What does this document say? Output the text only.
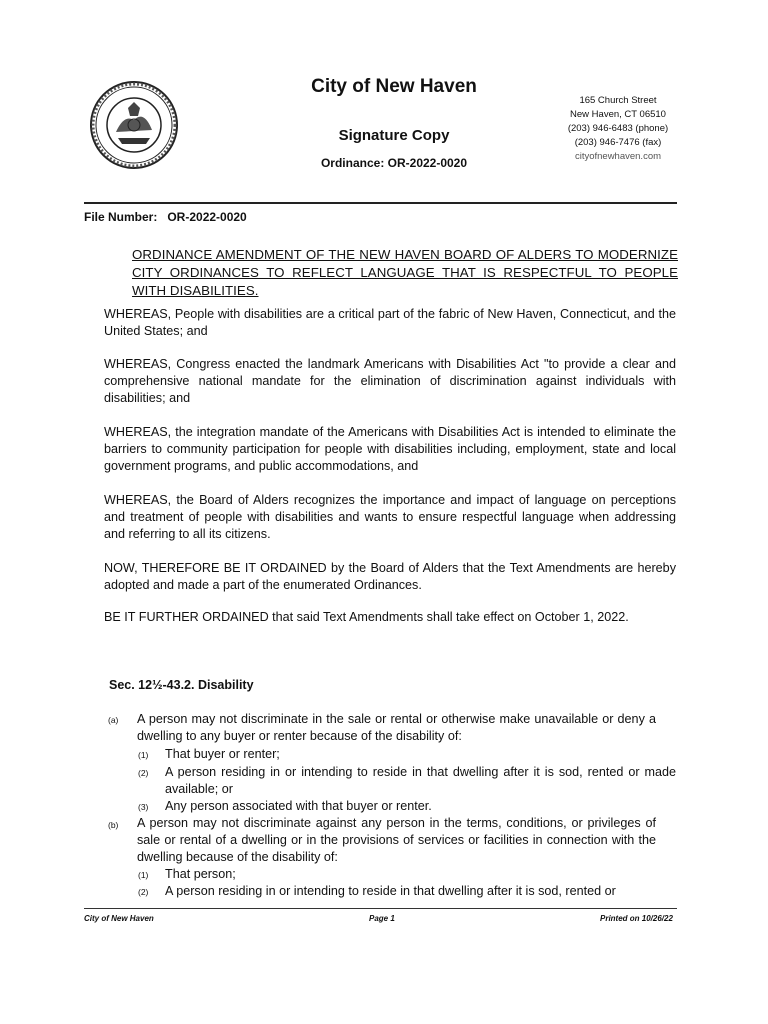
City of New Haven
Signature Copy
Ordinance: OR-2022-0020
165 Church Street
New Haven, CT 06510
(203) 946-6483 (phone)
(203) 946-7476 (fax)
cityofnewhaven.com
File Number:   OR-2022-0020
ORDINANCE AMENDMENT OF THE NEW HAVEN BOARD OF ALDERS TO MODERNIZE CITY ORDINANCES TO REFLECT LANGUAGE THAT IS RESPECTFUL TO PEOPLE WITH DISABILITIES.
WHEREAS, People with disabilities are a critical part of the fabric of New Haven, Connecticut, and the United States; and
WHEREAS, Congress enacted the landmark Americans with Disabilities Act "to provide a clear and comprehensive national mandate for the elimination of discrimination against individuals with disabilities; and
WHEREAS, the integration mandate of the Americans with Disabilities Act is intended to eliminate the barriers to community participation for people with disabilities including, employment, state and local government programs, and public accommodations, and
WHEREAS, the Board of Alders recognizes the importance and impact of language on perceptions and treatment of people with disabilities and wants to ensure respectful language when addressing and referring to all its citizens.
NOW, THEREFORE BE IT ORDAINED by the Board of Alders that the Text Amendments are hereby adopted and made a part of the enumerated Ordinances.
BE IT FURTHER ORDAINED that said Text Amendments shall take effect on October 1, 2022.
Sec. 12½-43.2. Disability
(a) A person may not discriminate in the sale or rental or otherwise make unavailable or deny a dwelling to any buyer or renter because of the disability of:
(1) That buyer or renter;
(2) A person residing in or intending to reside in that dwelling after it is sod, rented or made available; or
(3) Any person associated with that buyer or renter.
(b) A person may not discriminate against any person in the terms, conditions, or privileges of sale or rental of a dwelling or in the provisions of services or facilities in connection with the dwelling because of the disability of:
(1) That person;
(2) A person residing in or intending to reside in that dwelling after it is sod, rented or
City of New Haven	Page 1	Printed on 10/26/22
